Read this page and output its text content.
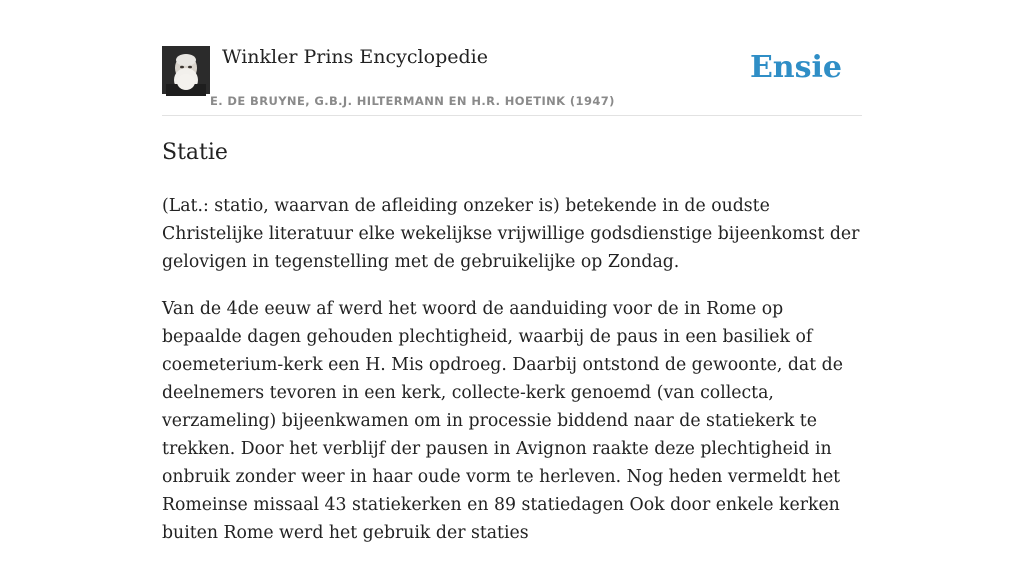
Winkler Prins Encyclopedie
E. DE BRUYNE, G.B.J. HILTERMANN EN H.R. HOETINK (1947)
Ensie
Statie

(Lat.: statio, waarvan de afleiding onzeker is) betekende in de oudste Christelijke literatuur elke wekelijkse vrijwillige godsdienstige bijeenkomst der gelovigen in tegenstelling met de gebruikelijke op Zondag.

Van de 4de eeuw af werd het woord de aanduiding voor de in Rome op bepaalde dagen gehouden plechtigheid, waarbij de paus in een basiliek of coemeterium-kerk een H. Mis opdroeg. Daarbij ontstond de gewoonte, dat de deelnemers tevoren in een kerk, collecte-kerk genoemd (van collecta, verzameling) bijeenkwamen om in processie biddend naar de statiekerk te trekken. Door het verblijf der pausen in Avignon raakte deze plechtigheid in onbruik zonder weer in haar oude vorm te herleven. Nog heden vermeldt het Romeinse missaal 43 statiekerken en 89 statiedagen Ook door enkele kerken buiten Rome werd het gebruik der staties
